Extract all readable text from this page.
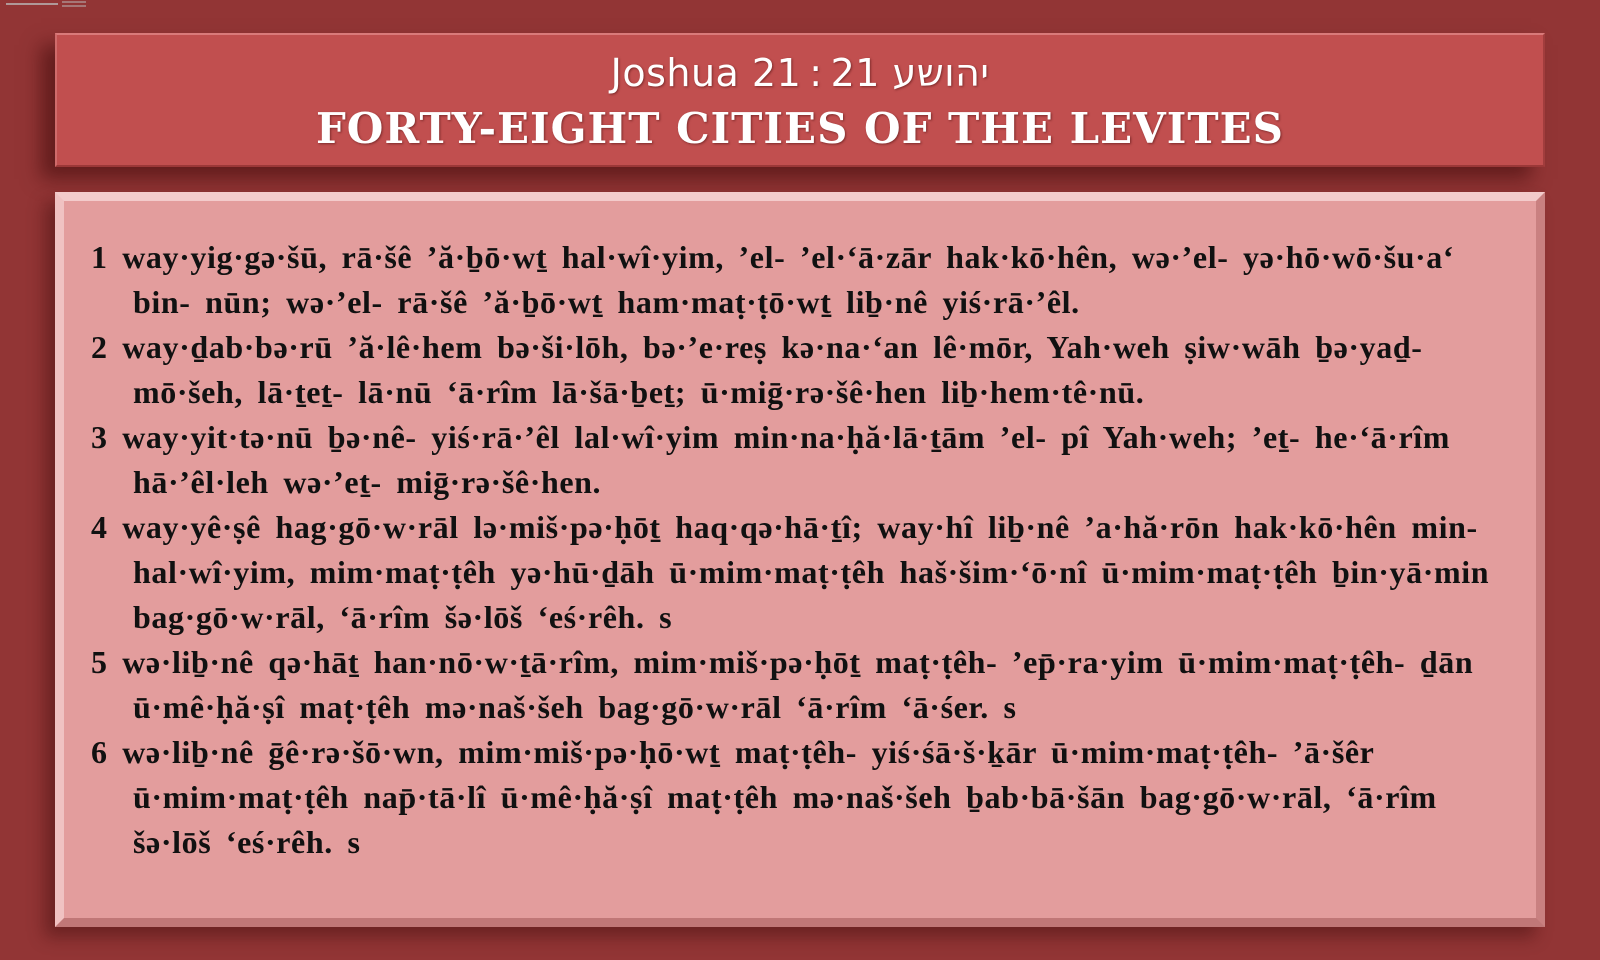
Joshua 21 : יהושע 21
FORTY-EIGHT CITIES OF THE LEVITES

1 way·yig·gə·šū, rā·šê ’ă·ḇō·wṯ hal·wî·yim, ’el- ’el·‘ā·zār hak·kō·hên, wə·’el- yə·hō·wō·šu·a‘ bin- nūn; wə·’el- rā·šê ’ă·ḇō·wṯ ham·maṭ·ṭō·wṯ liḇ·nê yiś·rā·’êl.

2 way·ḏab·bə·rū ’ă·lê·hem bə·ši·lōh, bə·’e·reṣ kə·na·‘an lê·mōr, Yah·weh ṣiw·wāh ḇə·yaḏ- mō·šeh, lā·ṯeṯ- lā·nū ‘ā·rîm lā·šā·ḇeṯ; ū·miḡ·rə·šê·hen liḇ·hem·tê·nū.

3 way·yit·tə·nū ḇə·nê- yiś·rā·’êl lal·wî·yim min·na·ḥă·lā·ṯām ’el- pî Yah·weh; ’eṯ- he·‘ā·rîm hā·’êl·leh wə·’eṯ- miḡ·rə·šê·hen.

4 way·yê·ṣê hag·gō·w·rāl lə·miš·pə·ḥōṯ haq·qə·hā·ṯî; way·hî liḇ·nê ’a·hă·rōn hak·kō·hên min- hal·wî·yim, mim·maṭ·ṭêh yə·hū·ḏāh ū·mim·maṭ·ṭêh haš·šim·‘ō·nî ū·mim·maṭ·ṭêh ḇin·yā·min bag·gō·w·rāl, ‘ā·rîm šə·lōš ‘eś·rêh. s

5 wə·liḇ·nê qə·hāṯ han·nō·w·ṯā·rîm, mim·miš·pə·ḥōṯ maṭ·ṭêh- ’ep̄·ra·yim ū·mim·maṭ·ṭêh- ḏān ū·mê·ḥă·ṣî maṭ·ṭêh mə·naš·šeh bag·gō·w·rāl ‘ā·rîm ‘ā·śer. s

6 wə·liḇ·nê ḡê·rə·šō·wn, mim·miš·pə·ḥō·wṯ maṭ·ṭêh- yiś·śā·š·ḵār ū·mim·maṭ·ṭêh- ’ā·šêr ū·mim·maṭ·ṭêh nap̄·tā·lî ū·mê·ḥă·ṣî maṭ·ṭêh mə·naš·šeh ḇab·bā·šān bag·gō·w·rāl, ‘ā·rîm šə·lōš ‘eś·rêh. s
